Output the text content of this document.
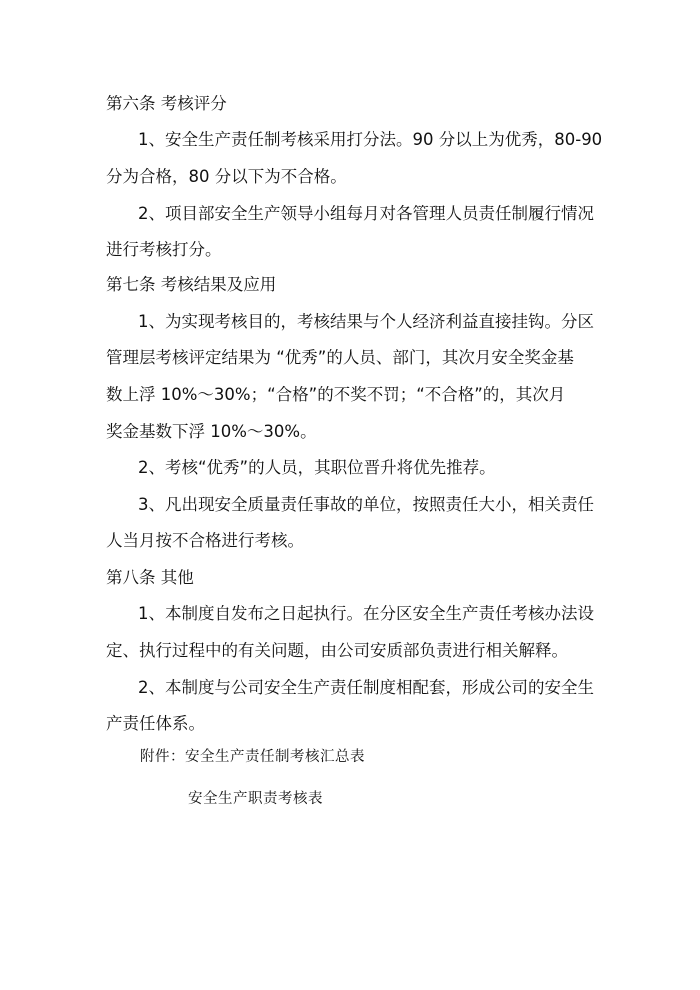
第六条 考核评分
1、安全生产责任制考核采用打分法。90 分以上为优秀，80-90
分为合格，80 分以下为不合格。
2、项目部安全生产领导小组每月对各管理人员责任制履行情况
进行考核打分。
第七条 考核结果及应用
1、为实现考核目的，考核结果与个人经济利益直接挂钩。分区
管理层考核评定结果为 “优秀”的人员、部门，其次月安全奖金基
数上浮 10%～30%；“合格”的不奖不罚；“不合格”的，其次月
奖金基数下浮 10%～30%。
2、考核“优秀”的人员，其职位晋升将优先推荐。
3、凡出现安全质量责任事故的单位，按照责任大小，相关责任
人当月按不合格进行考核。
第八条 其他
1、本制度自发布之日起执行。在分区安全生产责任考核办法设
定、执行过程中的有关问题，由公司安质部负责进行相关解释。
2、本制度与公司安全生产责任制度相配套，形成公司的安全生
产责任体系。
附件：安全生产责任制考核汇总表
安全生产职责考核表
